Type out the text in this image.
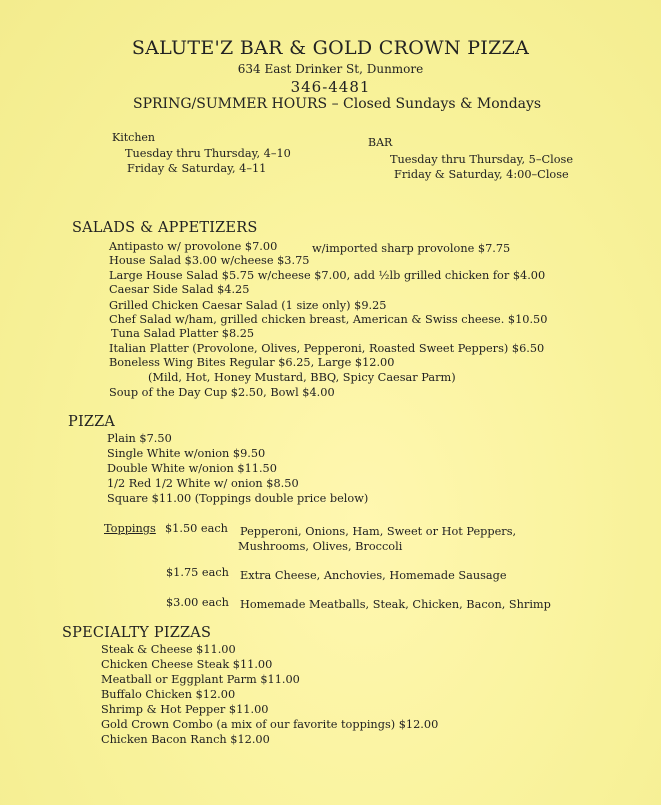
SALUTE'Z BAR & GOLD CROWN PIZZA
634 East Drinker St, Dunmore
346-4481
SPRING/SUMMER HOURS – Closed Sundays & Mondays
Kitchen
Tuesday thru Thursday, 4–10
Friday & Saturday, 4–11
BAR
Tuesday thru Thursday, 5–Close
Friday & Saturday, 4:00–Close
SALADS & APPETIZERS
Antipasto w/ provolone $7.00	w/imported sharp provolone $7.75
House Salad $3.00 w/cheese $3.75
Large House Salad $5.75 w/cheese $7.00, add ½lb grilled chicken for $4.00
Caesar Side Salad $4.25
Grilled Chicken Caesar Salad (1 size only) $9.25
Chef Salad w/ham, grilled chicken breast, American & Swiss cheese. $10.50
Tuna Salad Platter $8.25
Italian Platter (Provolone, Olives, Pepperoni, Roasted Sweet Peppers) $6.50
Boneless Wing Bites Regular $6.25, Large $12.00
(Mild, Hot, Honey Mustard, BBQ, Spicy Caesar Parm)
Soup of the Day Cup $2.50, Bowl $4.00
PIZZA
Plain $7.50
Single White w/onion $9.50
Double White w/onion $11.50
1/2 Red 1/2 White w/ onion $8.50
Square $11.00 (Toppings double price below)
Toppings $1.50 each Pepperoni, Onions, Ham, Sweet or Hot Peppers,
Mushrooms, Olives, Broccoli
$1.75 each Extra Cheese, Anchovies, Homemade Sausage
$3.00 each Homemade Meatballs, Steak, Chicken, Bacon, Shrimp
SPECIALTY PIZZAS
Steak & Cheese $11.00
Chicken Cheese Steak $11.00
Meatball or Eggplant Parm $11.00
Buffalo Chicken $12.00
Shrimp & Hot Pepper $11.00
Gold Crown Combo (a mix of our favorite toppings) $12.00
Chicken Bacon Ranch $12.00
